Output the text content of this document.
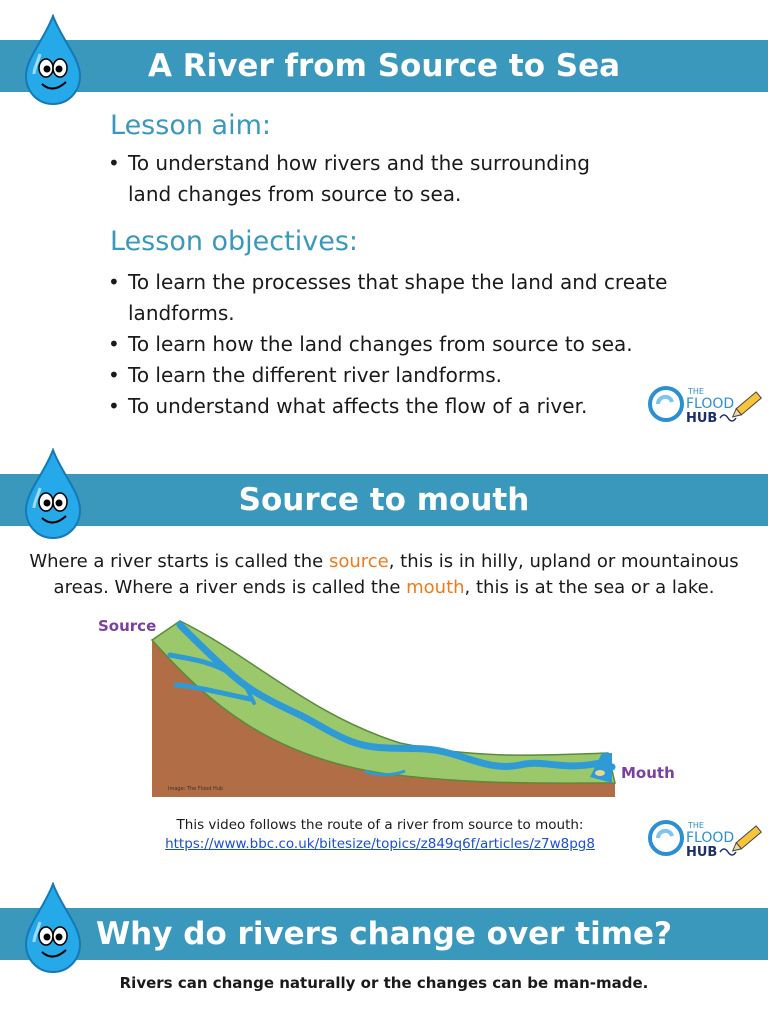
A River from Source to Sea
Lesson aim:
• To understand how rivers and the surrounding land changes from source to sea.
Lesson objectives:
• To learn the processes that shape the land and create landforms.
• To learn how the land changes from source to sea.
• To learn the different river landforms.
• To understand what affects the flow of a river.
THE
FLOOD
HUB
Source to mouth
Where a river starts is called the source, this is in hilly, upland or mountainous
areas. Where a river ends is called the mouth, this is at the sea or a lake.
Source
Mouth
Image: The Flood Hub
This video follows the route of a river from source to mouth:
https://www.bbc.co.uk/bitesize/topics/z849q6f/articles/z7w8pg8
THE
FLOOD
HUB
Why do rivers change over time?
Rivers can change naturally or the changes can be man-made.
